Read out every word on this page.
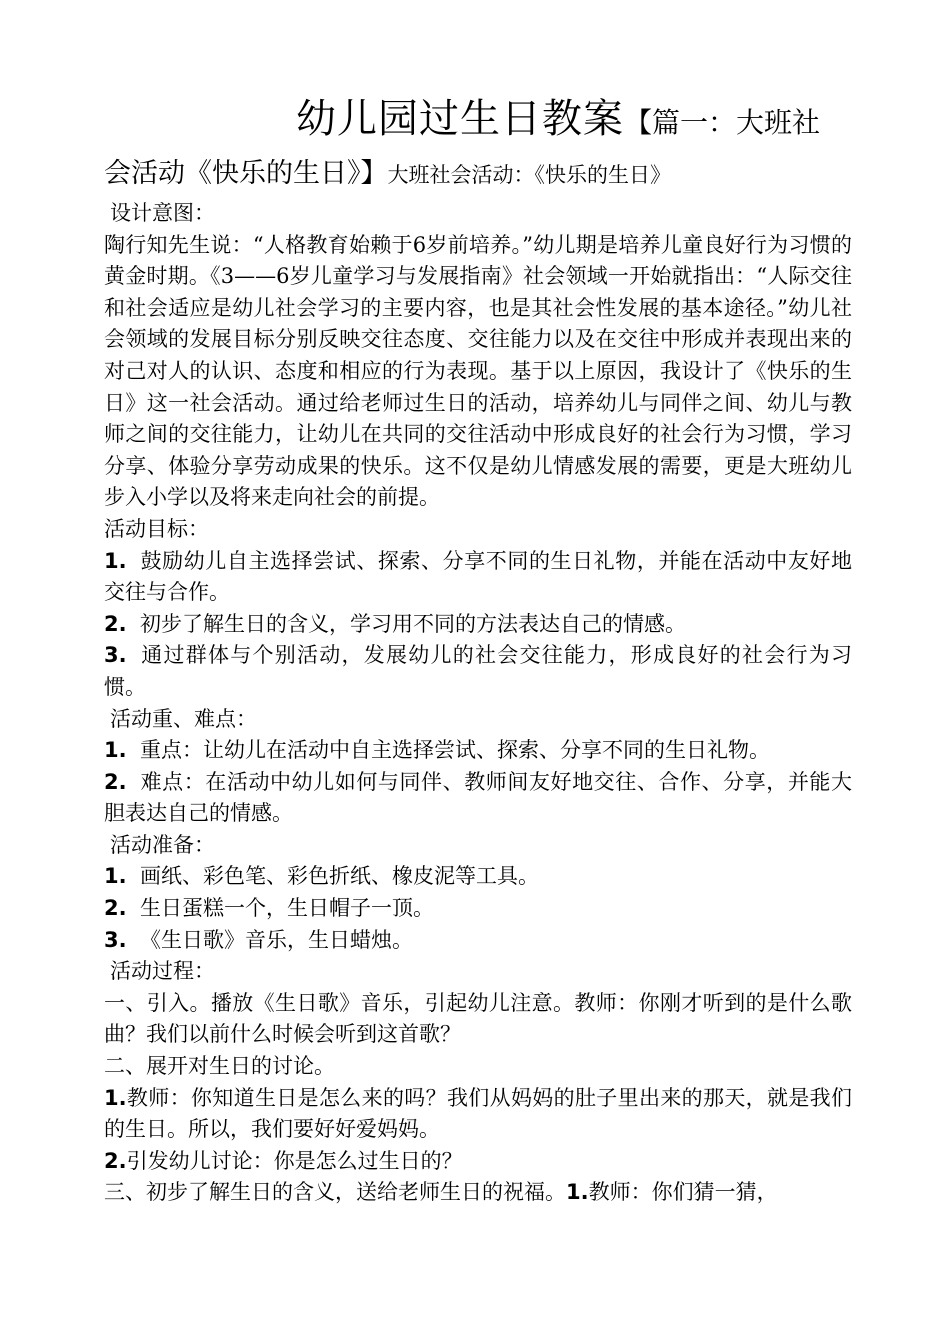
幼儿园过生日教案【篇一：大班社
会活动《快乐的生日》】大班社会活动：《快乐的生日》

设计意图：

陶行知先生说：“人格教育始赖于6岁前培养。”幼儿期是培养儿童良好行为习惯的黄金时期。《3——6岁儿童学习与发展指南》社会领域一开始就指出：“人际交往和社会适应是幼儿社会学习的主要内容，也是其社会性发展的基本途径。”幼儿社会领域的发展目标分别反映交往态度、交往能力以及在交往中形成并表现出来的对己对人的认识、态度和相应的行为表现。基于以上原因，我设计了《快乐的生日》这一社会活动。通过给老师过生日的活动，培养幼儿与同伴之间、幼儿与教师之间的交往能力，让幼儿在共同的交往活动中形成良好的社会行为习惯，学习分享、体验分享劳动成果的快乐。这不仅是幼儿情感发展的需要，更是大班幼儿步入小学以及将来走向社会的前提。

活动目标：

1. 鼓励幼儿自主选择尝试、探索、分享不同的生日礼物，并能在活动中友好地交往与合作。

2. 初步了解生日的含义，学习用不同的方法表达自己的情感。

3. 通过群体与个别活动，发展幼儿的社会交往能力，形成良好的社会行为习惯。

活动重、难点：

1. 重点：让幼儿在活动中自主选择尝试、探索、分享不同的生日礼物。

2. 难点：在活动中幼儿如何与同伴、教师间友好地交往、合作、分享，并能大胆表达自己的情感。

活动准备：

1. 画纸、彩色笔、彩色折纸、橡皮泥等工具。

2. 生日蛋糕一个，生日帽子一顶。

3. 《生日歌》音乐，生日蜡烛。

活动过程：

一、引入。播放《生日歌》音乐，引起幼儿注意。教师：你刚才听到的是什么歌曲？我们以前什么时候会听到这首歌？

二、展开对生日的讨论。

1.教师：你知道生日是怎么来的吗？我们从妈妈的肚子里出来的那天，就是我们的生日。所以，我们要好好爱妈妈。

2.引发幼儿讨论：你是怎么过生日的？

三、初步了解生日的含义，送给老师生日的祝福。1.教师：你们猜一猜，
